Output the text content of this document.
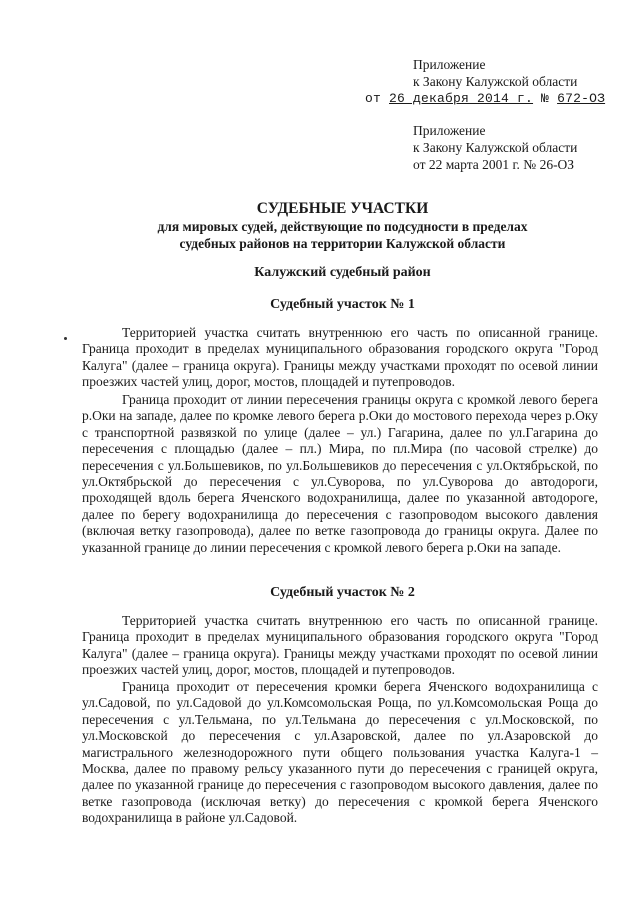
Приложение
к Закону Калужской области
от 26 декабря 2014 г. № 672-ОЗ
Приложение
к Закону Калужской области
от 22 марта 2001 г. № 26-ОЗ
СУДЕБНЫЕ УЧАСТКИ
для мировых судей, действующие по подсудности в пределах
судебных районов на территории Калужской области
Калужский судебный район
Судебный участок № 1

Территорией участка считать внутреннюю его часть по описанной границе. Граница проходит в пределах муниципального образования городского округа "Город Калуга" (далее – граница округа). Границы между участками проходят по осевой линии проезжих частей улиц, дорог, мостов, площадей и путепроводов.

Граница проходит от линии пересечения границы округа с кромкой левого берега р.Оки на западе, далее по кромке левого берега р.Оки до мостового перехода через р.Оку с транспортной развязкой по улице (далее – ул.) Гагарина, далее по ул.Гагарина до пересечения с площадью (далее – пл.) Мира, по пл.Мира (по часовой стрелке) до пересечения с ул.Большевиков, по ул.Большевиков до пересечения с ул.Октябрьской, по ул.Октябрьской до пересечения с ул.Суворова, по ул.Суворова до автодороги, проходящей вдоль берега Яченского водохранилища, далее по указанной автодороге, далее по берегу водохранилища до пересечения с газопроводом высокого давления (включая ветку газопровода), далее по ветке газопровода до границы округа. Далее по указанной границе до линии пересечения с кромкой левого берега р.Оки на западе.

Судебный участок № 2

Территорией участка считать внутреннюю его часть по описанной границе. Граница проходит в пределах муниципального образования городского округа "Город Калуга" (далее – граница округа). Границы между участками проходят по осевой линии проезжих частей улиц, дорог, мостов, площадей и путепроводов.

Граница проходит от пересечения кромки берега Яченского водохранилища с ул.Садовой, по ул.Садовой до ул.Комсомольская Роща, по ул.Комсомольская Роща до пересечения с ул.Тельмана, по ул.Тельмана до пересечения с ул.Московской, по ул.Московской до пересечения с ул.Азаровской, далее по ул.Азаровской до магистрального железнодорожного пути общего пользования участка Калуга-1 – Москва, далее по правому рельсу указанного пути до пересечения с границей округа, далее по указанной границе до пересечения с газопроводом высокого давления, далее по ветке газопровода (исключая ветку) до пересечения с кромкой берега Яченского водохранилища в районе ул.Садовой.
